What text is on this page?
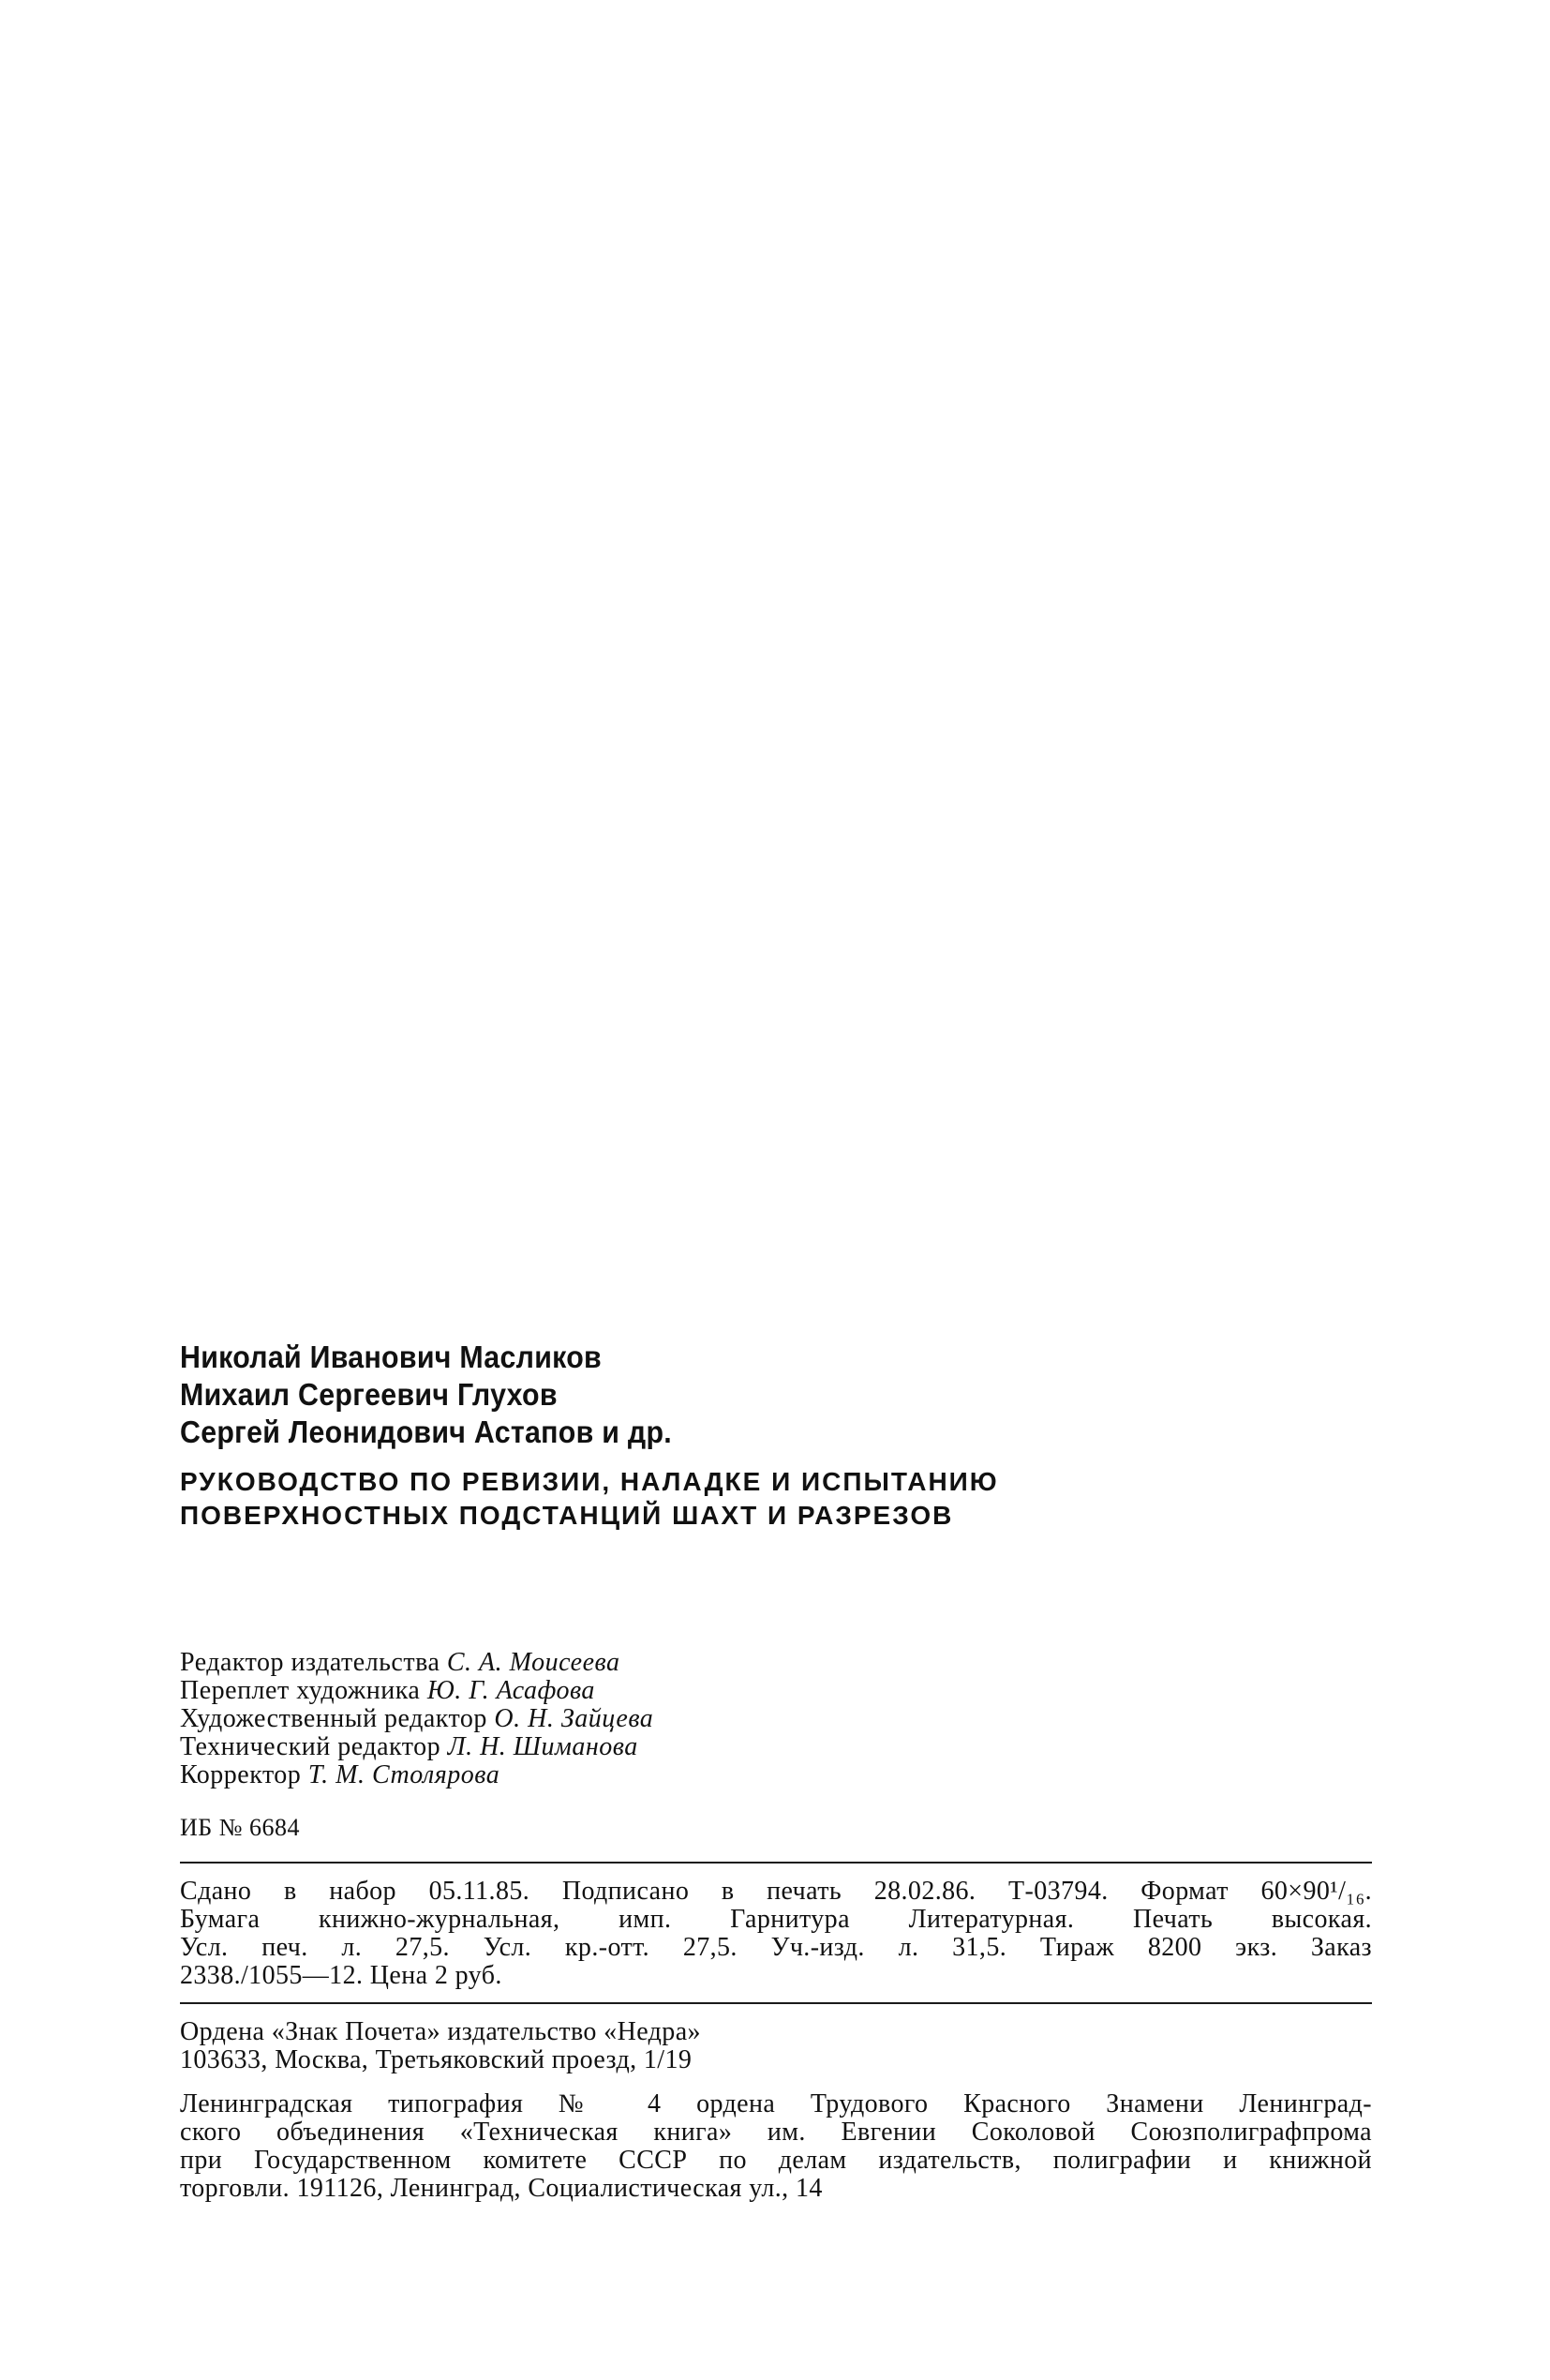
Николай Иванович Масликов
Михаил Сергеевич Глухов
Сергей Леонидович Астапов и др.
РУКОВОДСТВО ПО РЕВИЗИИ, НАЛАДКЕ И ИСПЫТАНИЮ
ПОВЕРХНОСТНЫХ ПОДСТАНЦИЙ ШАХТ И РАЗРЕЗОВ
Редактор издательства С. А. Моисеева
Переплет художника Ю. Г. Асафова
Художественный редактор О. Н. Зайцева
Технический редактор Л. Н. Шиманова
Корректор Т. М. Столярова
ИБ № 6684
Сдано в набор 05.11.85. Подписано в печать 28.02.86. Т-03794. Формат 60×90¹/₁₆.
Бумага книжно-журнальная, имп. Гарнитура Литературная. Печать высокая.
Усл. печ. л. 27,5. Усл. кр.-отт. 27,5. Уч.-изд. л. 31,5. Тираж 8200 экз. Заказ
2338./1055—12. Цена 2 руб.
Ордена «Знак Почета» издательство «Недра»
103633, Москва, Третьяковский проезд, 1/19
Ленинградская типография № 4 ордена Трудового Красного Знамени Ленинград-
ского объединения «Техническая книга» им. Евгении Соколовой Союзполиграфпрома
при Государственном комитете СССР по делам издательств, полиграфии и книжной
торговли. 191126, Ленинград, Социалистическая ул., 14
